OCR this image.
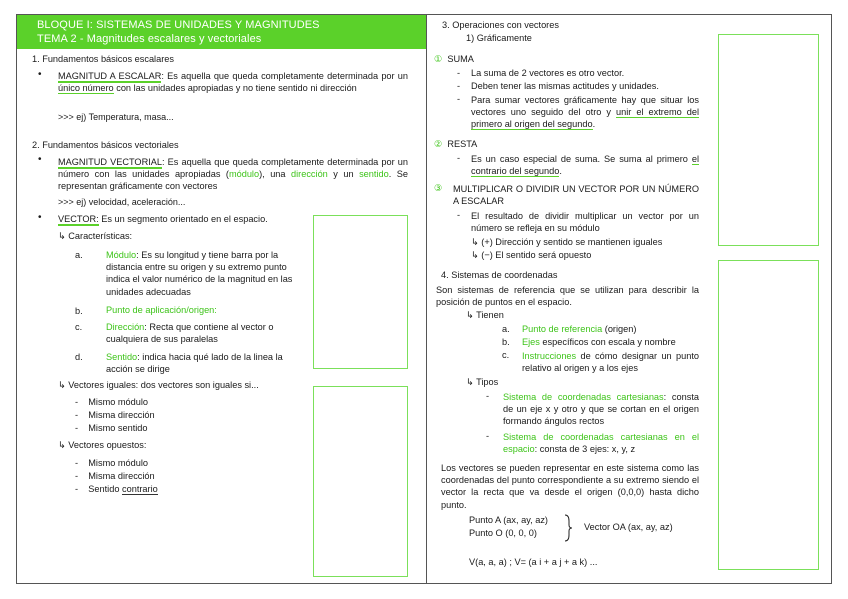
BLOQUE I: SISTEMAS DE UNIDADES Y MAGNITUDES
TEMA 2 - Magnitudes escalares y vectoriales
1. Fundamentos básicos escalares
• MAGNITUD A ESCALAR: Es aquella que queda completamente determinada por un único número con las unidades apropiadas y no tiene sentido ni dirección
>>> ej) Temperatura, masa...
2. Fundamentos básicos vectoriales
• MAGNITUD VECTORIAL: Es aquella que queda completamente determinada por un número con las unidades apropiadas (módulo), una dirección y un sentido. Se representan gráficamente con vectores
>>> ej) velocidad, aceleración...
• VECTOR: Es un segmento orientado en el espacio.
↳ Características:
a.	Módulo: Es su longitud y tiene barra por la distancia entre su origen y su extremo punto indica el valor numérico de la magnitud en las unidades adecuadas
b.	Punto de aplicación/origen:
c.	Dirección: Recta que contiene al vector o cualquiera de sus paralelas
d.	Sentido: indica hacia qué lado de la linea la acción se dirige
↳ Vectores iguales: dos vectores son iguales si...
- Mismo módulo
- Misma dirección
- Mismo sentido
↳ Vectores opuestos:
- Mismo módulo
- Misma dirección
- Sentido contrario
3. Operaciones con vectores
1) Gráficamente
① SUMA
- La suma de 2 vectores es otro vector.
- Deben tener las mismas actitudes y unidades.
- Para sumar vectores gráficamente hay que situar los vectores uno seguido del otro y unir el extremo del primero al origen del segundo.
② RESTA
- Es un caso especial de suma. Se suma al primero el contrario del segundo.
③ MULTIPLICAR O DIVIDIR UN VECTOR POR UN NÚMERO A ESCALAR
- El resultado de dividir multiplicar un vector por un número se refleja en su módulo
↳ (+) Dirección y sentido se mantienen iguales
↳ (−) El sentido será opuesto
4. Sistemas de coordenadas
Son sistemas de referencia que se utilizan para describir la posición de puntos en el espacio.
↳ Tienen
a. Punto de referencia (origen)
b. Ejes específicos con escala y nombre
c. Instrucciones de cómo designar un punto relativo al origen y a los ejes
↳ Tipos
- Sistema de coordenadas cartesianas: consta de un eje x y otro y que se cortan en el origen formando ángulos rectos
- Sistema de coordenadas cartesianas en el espacio: consta de 3 ejes: x, y, z
Los vectores se pueden representar en este sistema como las coordenadas del punto correspondiente a su extremo siendo el vector la recta que va desde el origen (0,0,0) hasta dicho punto.
Punto A (ax, ay, az)
Punto O (0, 0, 0)
Vector OA (ax, ay, az)
V(a, a, a) ; V= (a i + a j + a k) ...
